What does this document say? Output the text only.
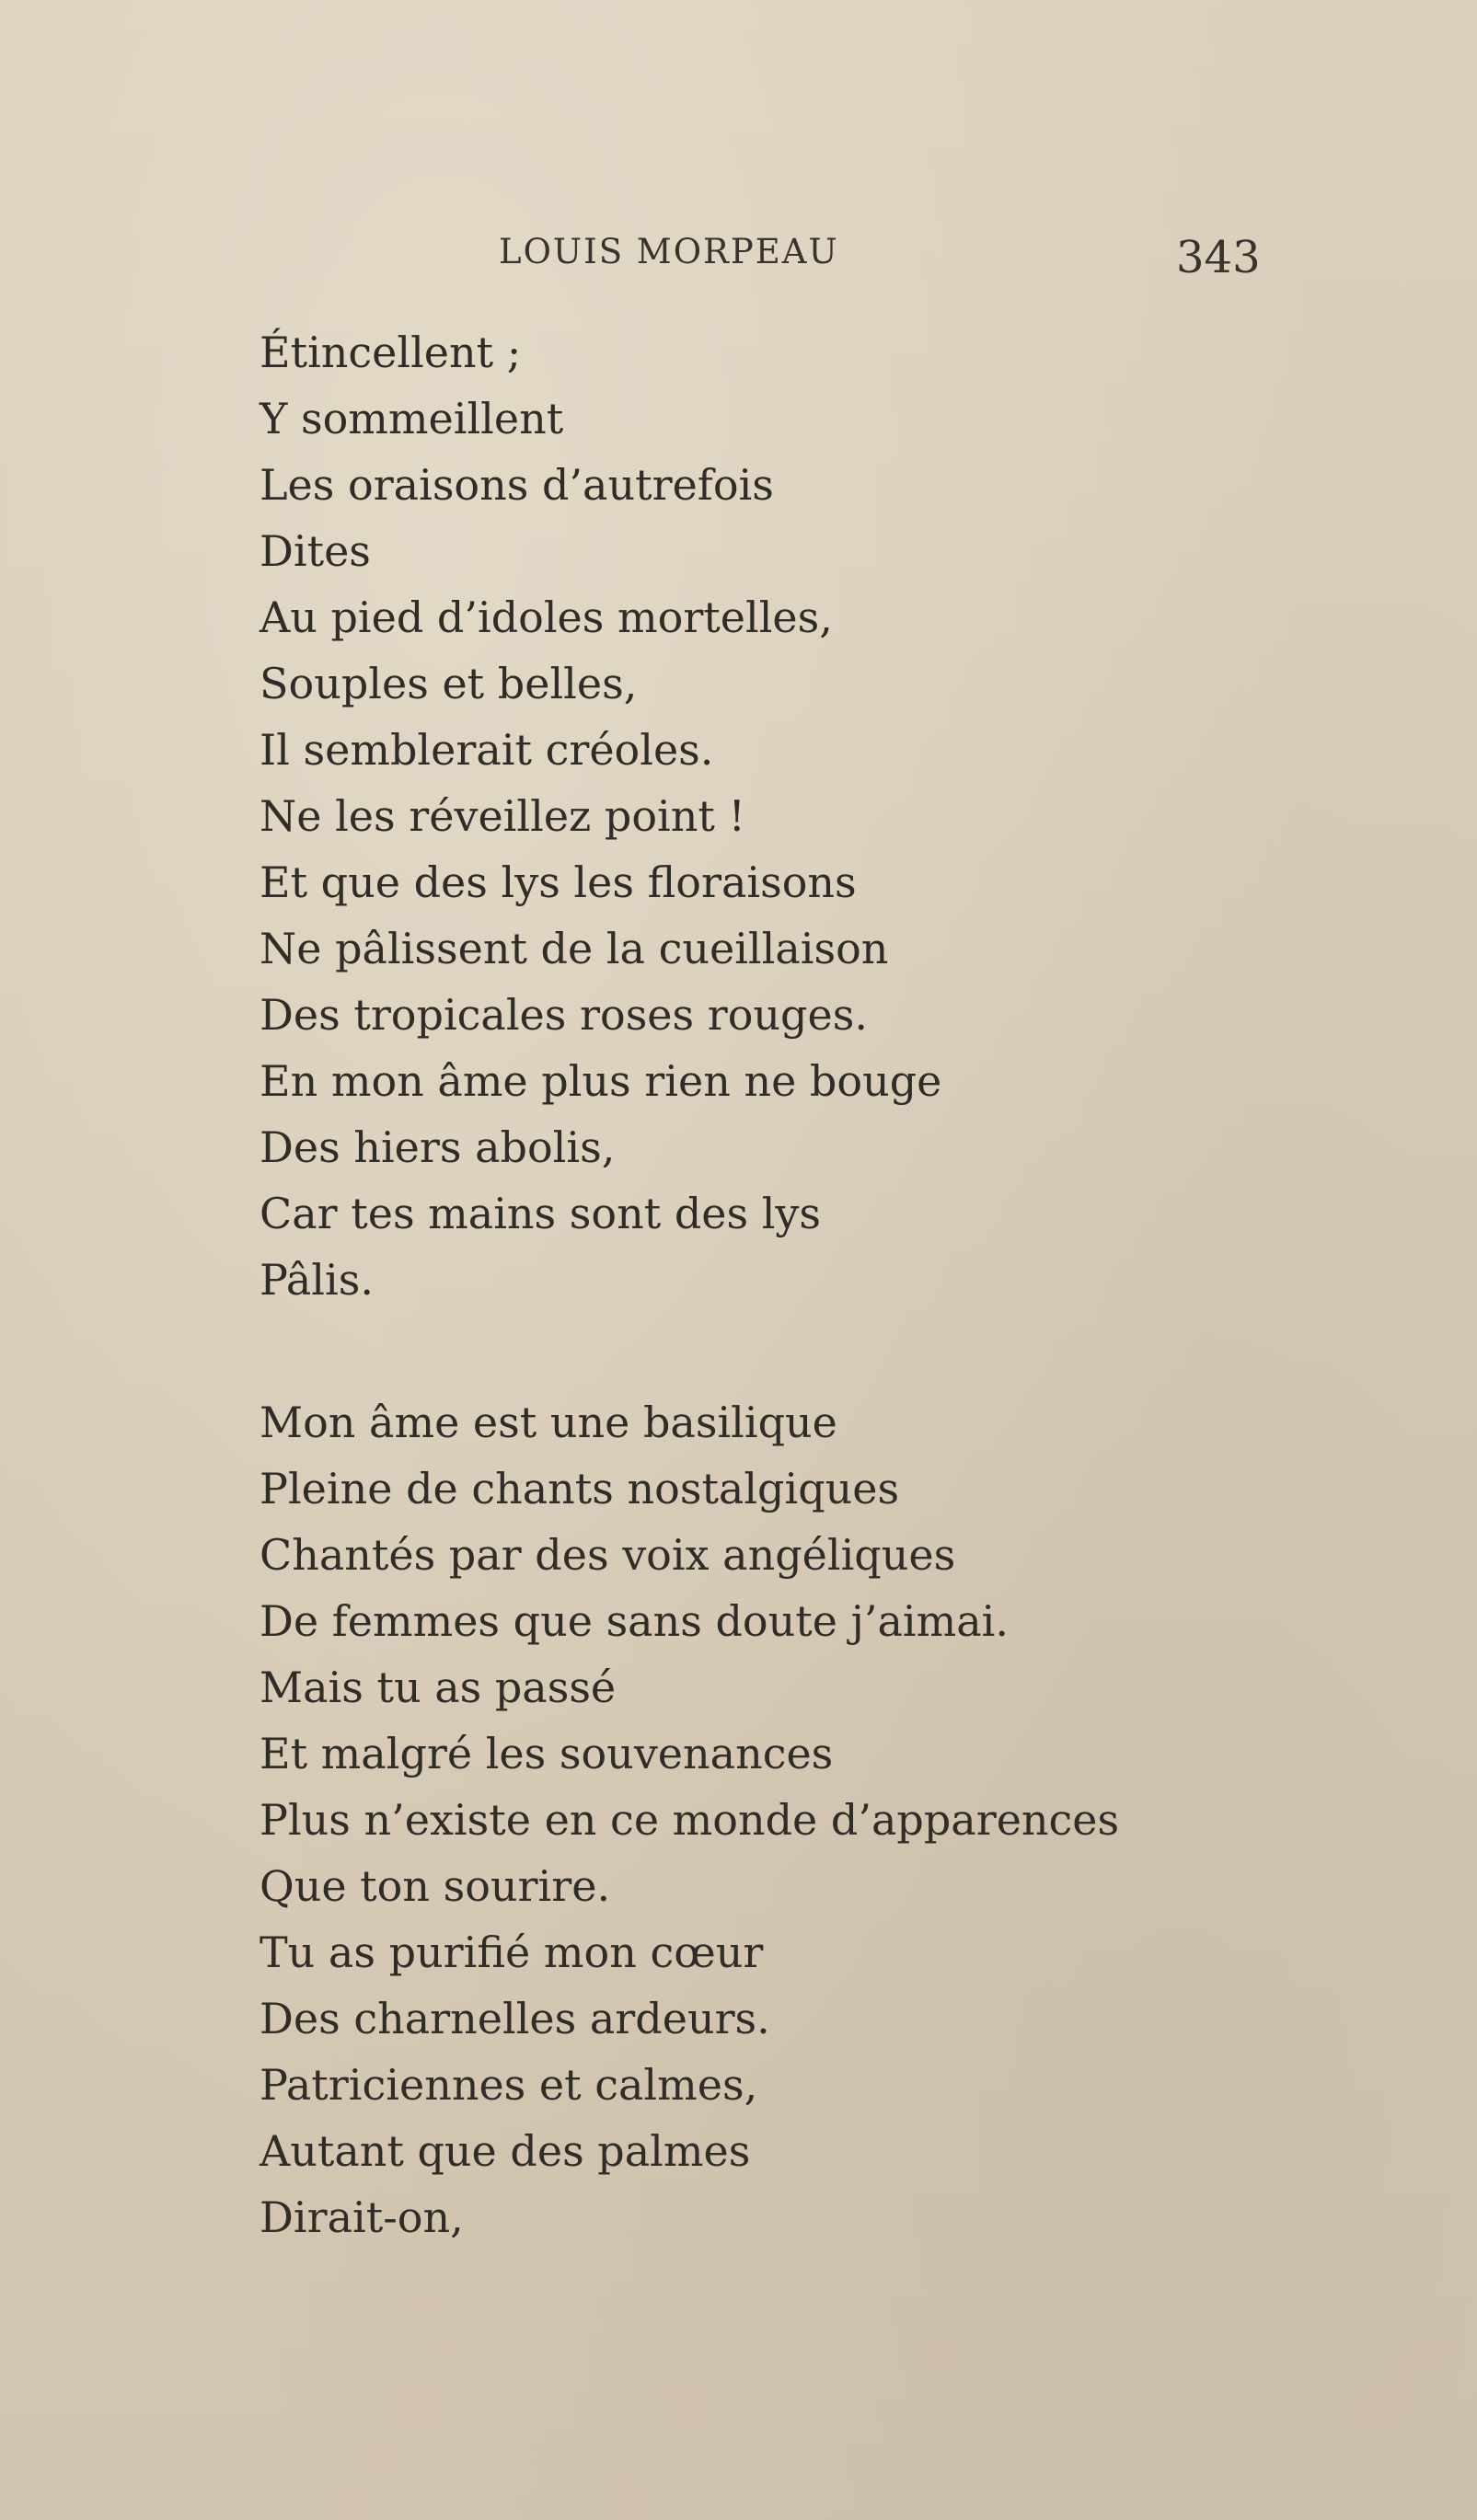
LOUIS MORPEAU	343
Étincellent ;
Y sommeillent
Les oraisons d’autrefois
Dites
Au pied d’idoles mortelles,
Souples et belles,
Il semblerait créoles.
Ne les réveillez point !
Et que des lys les floraisons
Ne pâlissent de la cueillaison
Des tropicales roses rouges.
En mon âme plus rien ne bouge
Des hiers abolis,
Car tes mains sont des lys
Pâlis.
Mon âme est une basilique
Pleine de chants nostalgiques
Chantés par des voix angéliques
De femmes que sans doute j’aimai.
Mais tu as passé
Et malgré les souvenances
Plus n’existe en ce monde d’apparences
Que ton sourire.
Tu as purifié mon cœur
Des charnelles ardeurs.
Patriciennes et calmes,
Autant que des palmes
Dirait-on,
